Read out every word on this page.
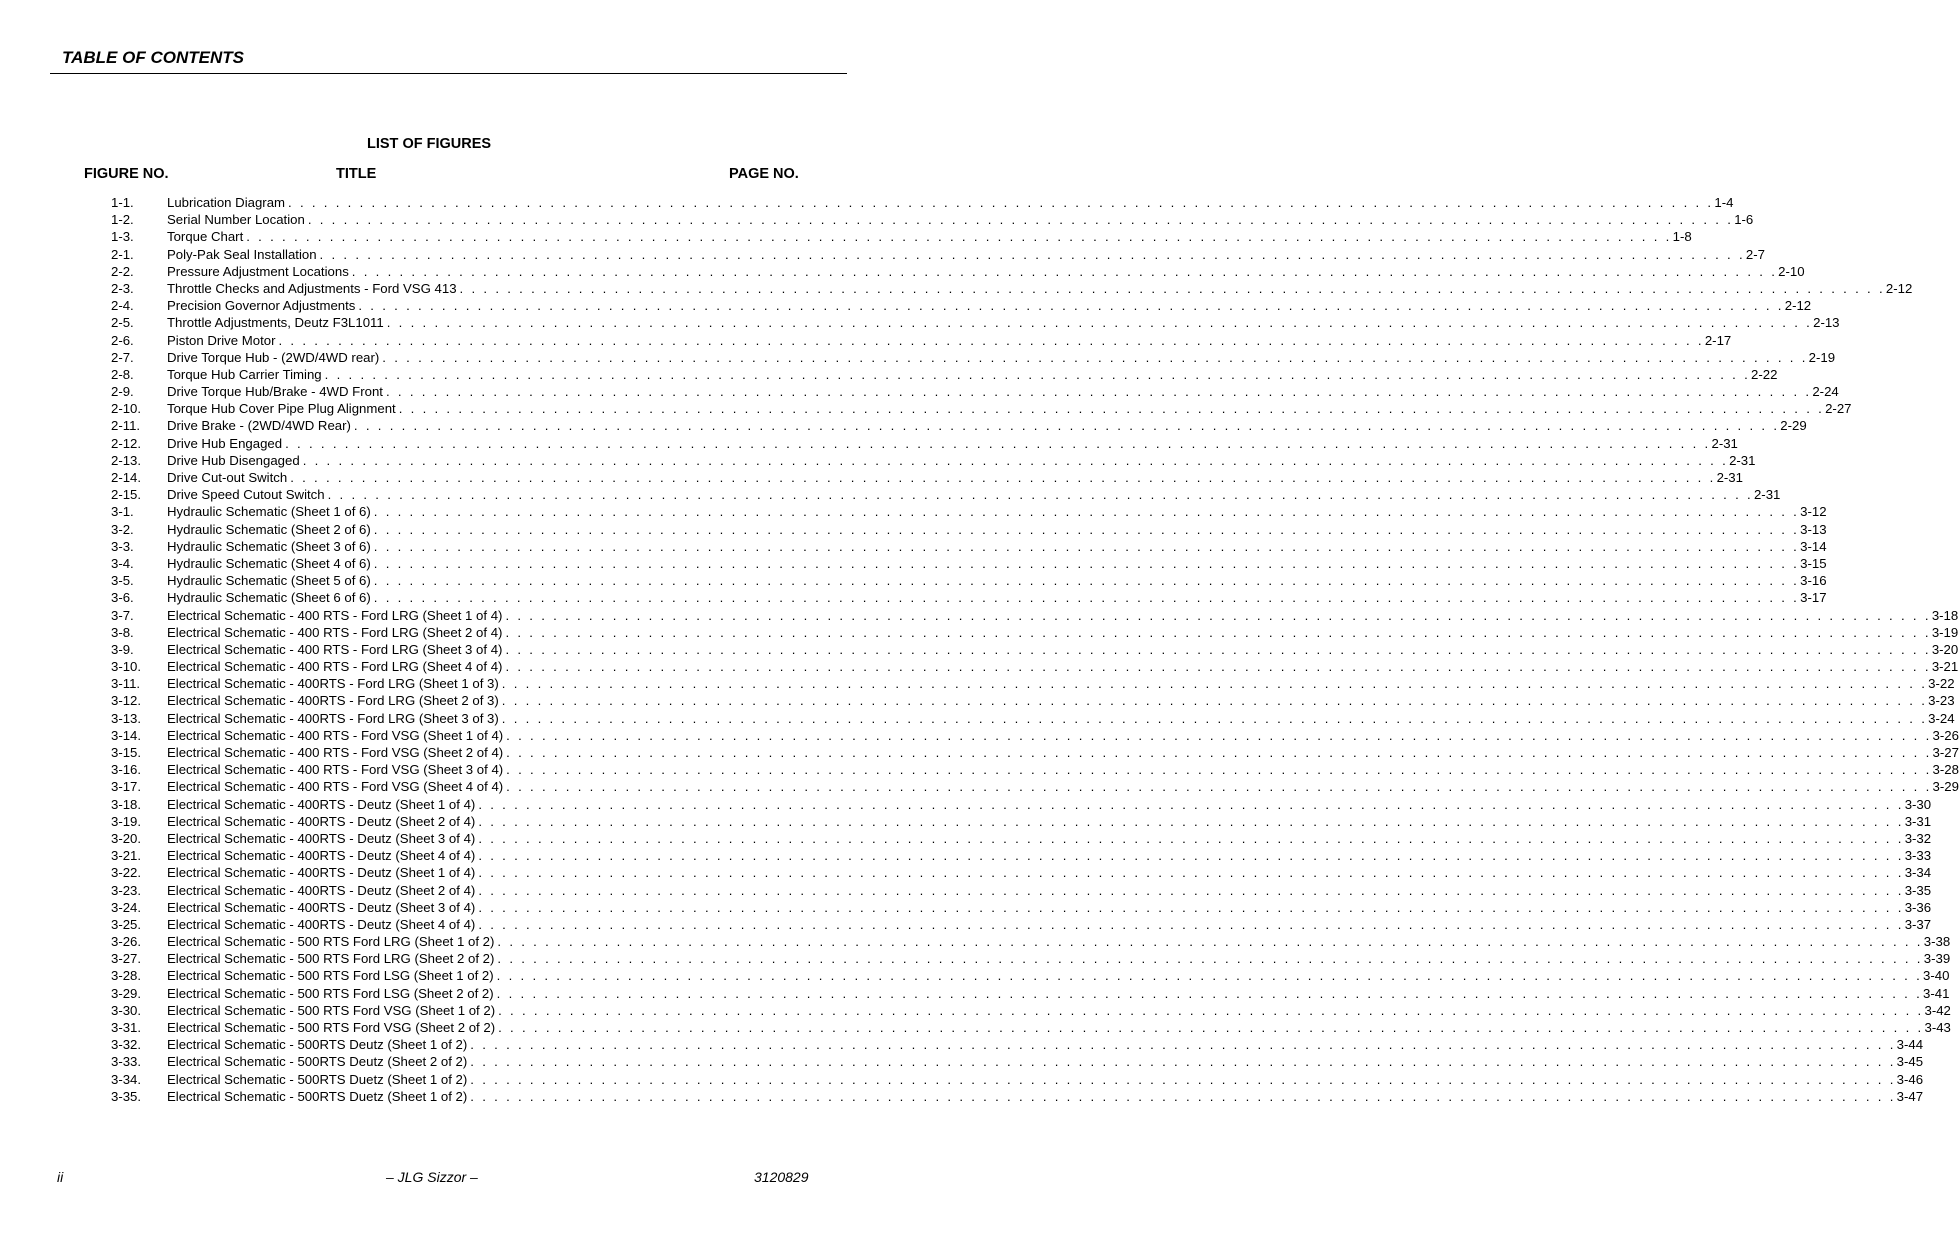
TABLE OF CONTENTS
LIST OF FIGURES
FIGURE NO.	TITLE	PAGE NO.
1-1.	Lubrication Diagram . . . . . . . . . . . . . . . . . . . . . . . . . . . . . . . . . . . . . . . . . . . . . . . . . . . . . . . . . . . . . . . . . . . . . . . . . . . . . . . . . . . . . . . . . . . . . . . . . . . . . . . . . . . . . . . . . . . . . . . . 1-4
1-2.	Serial Number Location . . . . . . . . . . . . . . . . . . . . . . . . . . . . . . . . . . . . . . . . . . . . . . . . . . . . . . . . . . . . . . . . . . . . . . . . . . . . . . . . . . . . . . . . . . . . . . . . . . . . . . . . . . . . . . . . . . . . . . . . 1-6
1-3.	Torque Chart . . . . . . . . . . . . . . . . . . . . . . . . . . . . . . . . . . . . . . . . . . . . . . . . . . . . . . . . . . . . . . . . . . . . . . . . . . . . . . . . . . . . . . . . . . . . . . . . . . . . . . . . . . . . . . . . . . . . . . . . 1-8
2-1.	Poly-Pak Seal Installation . . . . . . . . . . . . . . . . . . . . . . . . . . . . . . . . . . . . . . . . . . . . . . . . . . . . . . . . . . . . . . . . . . . . . . . . . . . . . . . . . . . . . . . . . . . . . . . . . . . . . . . . . . . . . . . . . . . . . . . . 2-7
2-2.	Pressure Adjustment Locations . . . . . . . . . . . . . . . . . . . . . . . . . . . . . . . . . . . . . . . . . . . . . . . . . . . . . . . . . . . . . . . . . . . . . . . . . . . . . . . . . . . . . . . . . . . . . . . . . . . . . . . . . . . . . . . . . . . . . . . . 2-10
2-3.	Throttle Checks and Adjustments - Ford VSG 413 . . . . . . . . . . . . . . . . . . . . . . . . . . . . . . . . . . . . . . . . . . . . . . . . . . . . . . . . . . . . . . . . . . . . . . . . . . . . . . . . . . . . . . . . . . . . . . . . . . . . . . . . . . . . . . . . . . . . . . . . 2-12
2-4.	Precision Governor Adjustments . . . . . . . . . . . . . . . . . . . . . . . . . . . . . . . . . . . . . . . . . . . . . . . . . . . . . . . . . . . . . . . . . . . . . . . . . . . . . . . . . . . . . . . . . . . . . . . . . . . . . . . . . . . . . . . . . . . . . . . . 2-12
2-5.	Throttle Adjustments, Deutz F3L1011 . . . . . . . . . . . . . . . . . . . . . . . . . . . . . . . . . . . . . . . . . . . . . . . . . . . . . . . . . . . . . . . . . . . . . . . . . . . . . . . . . . . . . . . . . . . . . . . . . . . . . . . . . . . . . . . . . . . . . . . . 2-13
2-6.	Piston Drive Motor . . . . . . . . . . . . . . . . . . . . . . . . . . . . . . . . . . . . . . . . . . . . . . . . . . . . . . . . . . . . . . . . . . . . . . . . . . . . . . . . . . . . . . . . . . . . . . . . . . . . . . . . . . . . . . . . . . . . . . . . 2-17
2-7.	Drive Torque Hub - (2WD/4WD rear) . . . . . . . . . . . . . . . . . . . . . . . . . . . . . . . . . . . . . . . . . . . . . . . . . . . . . . . . . . . . . . . . . . . . . . . . . . . . . . . . . . . . . . . . . . . . . . . . . . . . . . . . . . . . . . . . . . . . . . . . 2-19
2-8.	Torque Hub Carrier Timing . . . . . . . . . . . . . . . . . . . . . . . . . . . . . . . . . . . . . . . . . . . . . . . . . . . . . . . . . . . . . . . . . . . . . . . . . . . . . . . . . . . . . . . . . . . . . . . . . . . . . . . . . . . . . . . . . . . . . . . . 2-22
2-9.	Drive Torque Hub/Brake - 4WD Front . . . . . . . . . . . . . . . . . . . . . . . . . . . . . . . . . . . . . . . . . . . . . . . . . . . . . . . . . . . . . . . . . . . . . . . . . . . . . . . . . . . . . . . . . . . . . . . . . . . . . . . . . . . . . . . . . . . . . . . . 2-24
2-10.	Torque Hub Cover Pipe Plug Alignment . . . . . . . . . . . . . . . . . . . . . . . . . . . . . . . . . . . . . . . . . . . . . . . . . . . . . . . . . . . . . . . . . . . . . . . . . . . . . . . . . . . . . . . . . . . . . . . . . . . . . . . . . . . . . . . . . . . . . . . . 2-27
2-11.	Drive Brake - (2WD/4WD Rear) . . . . . . . . . . . . . . . . . . . . . . . . . . . . . . . . . . . . . . . . . . . . . . . . . . . . . . . . . . . . . . . . . . . . . . . . . . . . . . . . . . . . . . . . . . . . . . . . . . . . . . . . . . . . . . . . . . . . . . . . 2-29
2-12.	Drive Hub Engaged . . . . . . . . . . . . . . . . . . . . . . . . . . . . . . . . . . . . . . . . . . . . . . . . . . . . . . . . . . . . . . . . . . . . . . . . . . . . . . . . . . . . . . . . . . . . . . . . . . . . . . . . . . . . . . . . . . . . . . . . 2-31
2-13.	Drive Hub Disengaged . . . . . . . . . . . . . . . . . . . . . . . . . . . . . . . . . . . . . . . . . . . . . . . . . . . . . . . . . . . . . . . . . . . . . . . . . . . . . . . . . . . . . . . . . . . . . . . . . . . . . . . . . . . . . . . . . . . . . . . . 2-31
2-14.	Drive Cut-out Switch . . . . . . . . . . . . . . . . . . . . . . . . . . . . . . . . . . . . . . . . . . . . . . . . . . . . . . . . . . . . . . . . . . . . . . . . . . . . . . . . . . . . . . . . . . . . . . . . . . . . . . . . . . . . . . . . . . . . . . . . 2-31
2-15.	Drive Speed Cutout Switch . . . . . . . . . . . . . . . . . . . . . . . . . . . . . . . . . . . . . . . . . . . . . . . . . . . . . . . . . . . . . . . . . . . . . . . . . . . . . . . . . . . . . . . . . . . . . . . . . . . . . . . . . . . . . . . . . . . . . . . . 2-31
3-1.	Hydraulic Schematic (Sheet 1 of 6) . . . . . . . . . . . . . . . . . . . . . . . . . . . . . . . . . . . . . . . . . . . . . . . . . . . . . . . . . . . . . . . . . . . . . . . . . . . . . . . . . . . . . . . . . . . . . . . . . . . . . . . . . . . . . . . . . . . . . . . . 3-12
3-2.	Hydraulic Schematic (Sheet 2 of 6) . . . . . . . . . . . . . . . . . . . . . . . . . . . . . . . . . . . . . . . . . . . . . . . . . . . . . . . . . . . . . . . . . . . . . . . . . . . . . . . . . . . . . . . . . . . . . . . . . . . . . . . . . . . . . . . . . . . . . . . . 3-13
3-3.	Hydraulic Schematic (Sheet 3 of 6) . . . . . . . . . . . . . . . . . . . . . . . . . . . . . . . . . . . . . . . . . . . . . . . . . . . . . . . . . . . . . . . . . . . . . . . . . . . . . . . . . . . . . . . . . . . . . . . . . . . . . . . . . . . . . . . . . . . . . . . . 3-14
3-4.	Hydraulic Schematic (Sheet 4 of 6) . . . . . . . . . . . . . . . . . . . . . . . . . . . . . . . . . . . . . . . . . . . . . . . . . . . . . . . . . . . . . . . . . . . . . . . . . . . . . . . . . . . . . . . . . . . . . . . . . . . . . . . . . . . . . . . . . . . . . . . . 3-15
3-5.	Hydraulic Schematic (Sheet 5 of 6) . . . . . . . . . . . . . . . . . . . . . . . . . . . . . . . . . . . . . . . . . . . . . . . . . . . . . . . . . . . . . . . . . . . . . . . . . . . . . . . . . . . . . . . . . . . . . . . . . . . . . . . . . . . . . . . . . . . . . . . . 3-16
3-6.	Hydraulic Schematic (Sheet 6 of 6) . . . . . . . . . . . . . . . . . . . . . . . . . . . . . . . . . . . . . . . . . . . . . . . . . . . . . . . . . . . . . . . . . . . . . . . . . . . . . . . . . . . . . . . . . . . . . . . . . . . . . . . . . . . . . . . . . . . . . . . . 3-17
3-7.	Electrical Schematic - 400 RTS - Ford LRG (Sheet 1 of 4) . . . . . . . . . . . . . . . . . . . . . . . . . . . . . . . . . . . . . . . . . . . . . . . . . . . . . . . . . . . . . . . . . . . . . . . . . . . . . . . . . . . . . . . . . . . . . . . . . . . . . . . . . . . . . . . . . . . . . . . . 3-18
3-8.	Electrical Schematic - 400 RTS - Ford LRG (Sheet 2 of 4) . . . . . . . . . . . . . . . . . . . . . . . . . . . . . . . . . . . . . . . . . . . . . . . . . . . . . . . . . . . . . . . . . . . . . . . . . . . . . . . . . . . . . . . . . . . . . . . . . . . . . . . . . . . . . . . . . . . . . . . . 3-19
3-9.	Electrical Schematic - 400 RTS - Ford LRG (Sheet 3 of 4) . . . . . . . . . . . . . . . . . . . . . . . . . . . . . . . . . . . . . . . . . . . . . . . . . . . . . . . . . . . . . . . . . . . . . . . . . . . . . . . . . . . . . . . . . . . . . . . . . . . . . . . . . . . . . . . . . . . . . . . . 3-20
3-10.	Electrical Schematic - 400 RTS - Ford LRG (Sheet 4 of 4) . . . . . . . . . . . . . . . . . . . . . . . . . . . . . . . . . . . . . . . . . . . . . . . . . . . . . . . . . . . . . . . . . . . . . . . . . . . . . . . . . . . . . . . . . . . . . . . . . . . . . . . . . . . . . . . . . . . . . . . . 3-21
3-11.	Electrical Schematic - 400RTS - Ford LRG (Sheet 1 of 3) . . . . . . . . . . . . . . . . . . . . . . . . . . . . . . . . . . . . . . . . . . . . . . . . . . . . . . . . . . . . . . . . . . . . . . . . . . . . . . . . . . . . . . . . . . . . . . . . . . . . . . . . . . . . . . . . . . . . . . . . 3-22
3-12.	Electrical Schematic - 400RTS - Ford LRG (Sheet 2 of 3) . . . . . . . . . . . . . . . . . . . . . . . . . . . . . . . . . . . . . . . . . . . . . . . . . . . . . . . . . . . . . . . . . . . . . . . . . . . . . . . . . . . . . . . . . . . . . . . . . . . . . . . . . . . . . . . . . . . . . . . . 3-23
3-13.	Electrical Schematic - 400RTS - Ford LRG (Sheet 3 of 3) . . . . . . . . . . . . . . . . . . . . . . . . . . . . . . . . . . . . . . . . . . . . . . . . . . . . . . . . . . . . . . . . . . . . . . . . . . . . . . . . . . . . . . . . . . . . . . . . . . . . . . . . . . . . . . . . . . . . . . . . 3-24
3-14.	Electrical Schematic - 400 RTS - Ford VSG (Sheet 1 of 4) . . . . . . . . . . . . . . . . . . . . . . . . . . . . . . . . . . . . . . . . . . . . . . . . . . . . . . . . . . . . . . . . . . . . . . . . . . . . . . . . . . . . . . . . . . . . . . . . . . . . . . . . . . . . . . . . . . . . . . . . 3-26
3-15.	Electrical Schematic - 400 RTS - Ford VSG (Sheet 2 of 4) . . . . . . . . . . . . . . . . . . . . . . . . . . . . . . . . . . . . . . . . . . . . . . . . . . . . . . . . . . . . . . . . . . . . . . . . . . . . . . . . . . . . . . . . . . . . . . . . . . . . . . . . . . . . . . . . . . . . . . . . 3-27
3-16.	Electrical Schematic - 400 RTS - Ford VSG (Sheet 3 of 4) . . . . . . . . . . . . . . . . . . . . . . . . . . . . . . . . . . . . . . . . . . . . . . . . . . . . . . . . . . . . . . . . . . . . . . . . . . . . . . . . . . . . . . . . . . . . . . . . . . . . . . . . . . . . . . . . . . . . . . . . 3-28
3-17.	Electrical Schematic - 400 RTS - Ford VSG (Sheet 4 of 4) . . . . . . . . . . . . . . . . . . . . . . . . . . . . . . . . . . . . . . . . . . . . . . . . . . . . . . . . . . . . . . . . . . . . . . . . . . . . . . . . . . . . . . . . . . . . . . . . . . . . . . . . . . . . . . . . . . . . . . . . 3-29
3-18.	Electrical Schematic - 400RTS - Deutz (Sheet 1 of 4) . . . . . . . . . . . . . . . . . . . . . . . . . . . . . . . . . . . . . . . . . . . . . . . . . . . . . . . . . . . . . . . . . . . . . . . . . . . . . . . . . . . . . . . . . . . . . . . . . . . . . . . . . . . . . . . . . . . . . . . . 3-30
3-19.	Electrical Schematic - 400RTS - Deutz (Sheet 2 of 4) . . . . . . . . . . . . . . . . . . . . . . . . . . . . . . . . . . . . . . . . . . . . . . . . . . . . . . . . . . . . . . . . . . . . . . . . . . . . . . . . . . . . . . . . . . . . . . . . . . . . . . . . . . . . . . . . . . . . . . . . 3-31
3-20.	Electrical Schematic - 400RTS - Deutz (Sheet 3 of 4) . . . . . . . . . . . . . . . . . . . . . . . . . . . . . . . . . . . . . . . . . . . . . . . . . . . . . . . . . . . . . . . . . . . . . . . . . . . . . . . . . . . . . . . . . . . . . . . . . . . . . . . . . . . . . . . . . . . . . . . . 3-32
3-21.	Electrical Schematic - 400RTS - Deutz (Sheet 4 of 4) . . . . . . . . . . . . . . . . . . . . . . . . . . . . . . . . . . . . . . . . . . . . . . . . . . . . . . . . . . . . . . . . . . . . . . . . . . . . . . . . . . . . . . . . . . . . . . . . . . . . . . . . . . . . . . . . . . . . . . . . 3-33
3-22.	Electrical Schematic - 400RTS - Deutz (Sheet 1 of 4) . . . . . . . . . . . . . . . . . . . . . . . . . . . . . . . . . . . . . . . . . . . . . . . . . . . . . . . . . . . . . . . . . . . . . . . . . . . . . . . . . . . . . . . . . . . . . . . . . . . . . . . . . . . . . . . . . . . . . . . . 3-34
3-23.	Electrical Schematic - 400RTS - Deutz (Sheet 2 of 4) . . . . . . . . . . . . . . . . . . . . . . . . . . . . . . . . . . . . . . . . . . . . . . . . . . . . . . . . . . . . . . . . . . . . . . . . . . . . . . . . . . . . . . . . . . . . . . . . . . . . . . . . . . . . . . . . . . . . . . . . 3-35
3-24.	Electrical Schematic - 400RTS - Deutz (Sheet 3 of 4) . . . . . . . . . . . . . . . . . . . . . . . . . . . . . . . . . . . . . . . . . . . . . . . . . . . . . . . . . . . . . . . . . . . . . . . . . . . . . . . . . . . . . . . . . . . . . . . . . . . . . . . . . . . . . . . . . . . . . . . . 3-36
3-25.	Electrical Schematic - 400RTS - Deutz (Sheet 4 of 4) . . . . . . . . . . . . . . . . . . . . . . . . . . . . . . . . . . . . . . . . . . . . . . . . . . . . . . . . . . . . . . . . . . . . . . . . . . . . . . . . . . . . . . . . . . . . . . . . . . . . . . . . . . . . . . . . . . . . . . . . 3-37
3-26.	Electrical Schematic - 500 RTS Ford LRG (Sheet 1 of 2) . . . . . . . . . . . . . . . . . . . . . . . . . . . . . . . . . . . . . . . . . . . . . . . . . . . . . . . . . . . . . . . . . . . . . . . . . . . . . . . . . . . . . . . . . . . . . . . . . . . . . . . . . . . . . . . . . . . . . . . . 3-38
3-27.	Electrical Schematic - 500 RTS Ford LRG (Sheet 2 of 2) . . . . . . . . . . . . . . . . . . . . . . . . . . . . . . . . . . . . . . . . . . . . . . . . . . . . . . . . . . . . . . . . . . . . . . . . . . . . . . . . . . . . . . . . . . . . . . . . . . . . . . . . . . . . . . . . . . . . . . . . 3-39
3-28.	Electrical Schematic - 500 RTS Ford LSG (Sheet 1 of 2) . . . . . . . . . . . . . . . . . . . . . . . . . . . . . . . . . . . . . . . . . . . . . . . . . . . . . . . . . . . . . . . . . . . . . . . . . . . . . . . . . . . . . . . . . . . . . . . . . . . . . . . . . . . . . . . . . . . . . . . . 3-40
3-29.	Electrical Schematic - 500 RTS Ford LSG (Sheet 2 of 2) . . . . . . . . . . . . . . . . . . . . . . . . . . . . . . . . . . . . . . . . . . . . . . . . . . . . . . . . . . . . . . . . . . . . . . . . . . . . . . . . . . . . . . . . . . . . . . . . . . . . . . . . . . . . . . . . . . . . . . . . 3-41
3-30.	Electrical Schematic - 500 RTS Ford VSG (Sheet 1 of 2) . . . . . . . . . . . . . . . . . . . . . . . . . . . . . . . . . . . . . . . . . . . . . . . . . . . . . . . . . . . . . . . . . . . . . . . . . . . . . . . . . . . . . . . . . . . . . . . . . . . . . . . . . . . . . . . . . . . . . . . . 3-42
3-31.	Electrical Schematic - 500 RTS Ford VSG (Sheet 2 of 2) . . . . . . . . . . . . . . . . . . . . . . . . . . . . . . . . . . . . . . . . . . . . . . . . . . . . . . . . . . . . . . . . . . . . . . . . . . . . . . . . . . . . . . . . . . . . . . . . . . . . . . . . . . . . . . . . . . . . . . . . 3-43
3-32.	Electrical Schematic - 500RTS Deutz (Sheet 1 of 2) . . . . . . . . . . . . . . . . . . . . . . . . . . . . . . . . . . . . . . . . . . . . . . . . . . . . . . . . . . . . . . . . . . . . . . . . . . . . . . . . . . . . . . . . . . . . . . . . . . . . . . . . . . . . . . . . . . . . . . . . 3-44
3-33.	Electrical Schematic - 500RTS Deutz (Sheet 2 of 2) . . . . . . . . . . . . . . . . . . . . . . . . . . . . . . . . . . . . . . . . . . . . . . . . . . . . . . . . . . . . . . . . . . . . . . . . . . . . . . . . . . . . . . . . . . . . . . . . . . . . . . . . . . . . . . . . . . . . . . . . 3-45
3-34.	Electrical Schematic - 500RTS Duetz (Sheet 1 of 2) . . . . . . . . . . . . . . . . . . . . . . . . . . . . . . . . . . . . . . . . . . . . . . . . . . . . . . . . . . . . . . . . . . . . . . . . . . . . . . . . . . . . . . . . . . . . . . . . . . . . . . . . . . . . . . . . . . . . . . . . 3-46
3-35.	Electrical Schematic - 500RTS Duetz (Sheet 1 of 2) . . . . . . . . . . . . . . . . . . . . . . . . . . . . . . . . . . . . . . . . . . . . . . . . . . . . . . . . . . . . . . . . . . . . . . . . . . . . . . . . . . . . . . . . . . . . . . . . . . . . . . . . . . . . . . . . . . . . . . . . 3-47
ii	– JLG Sizzor –	3120829
